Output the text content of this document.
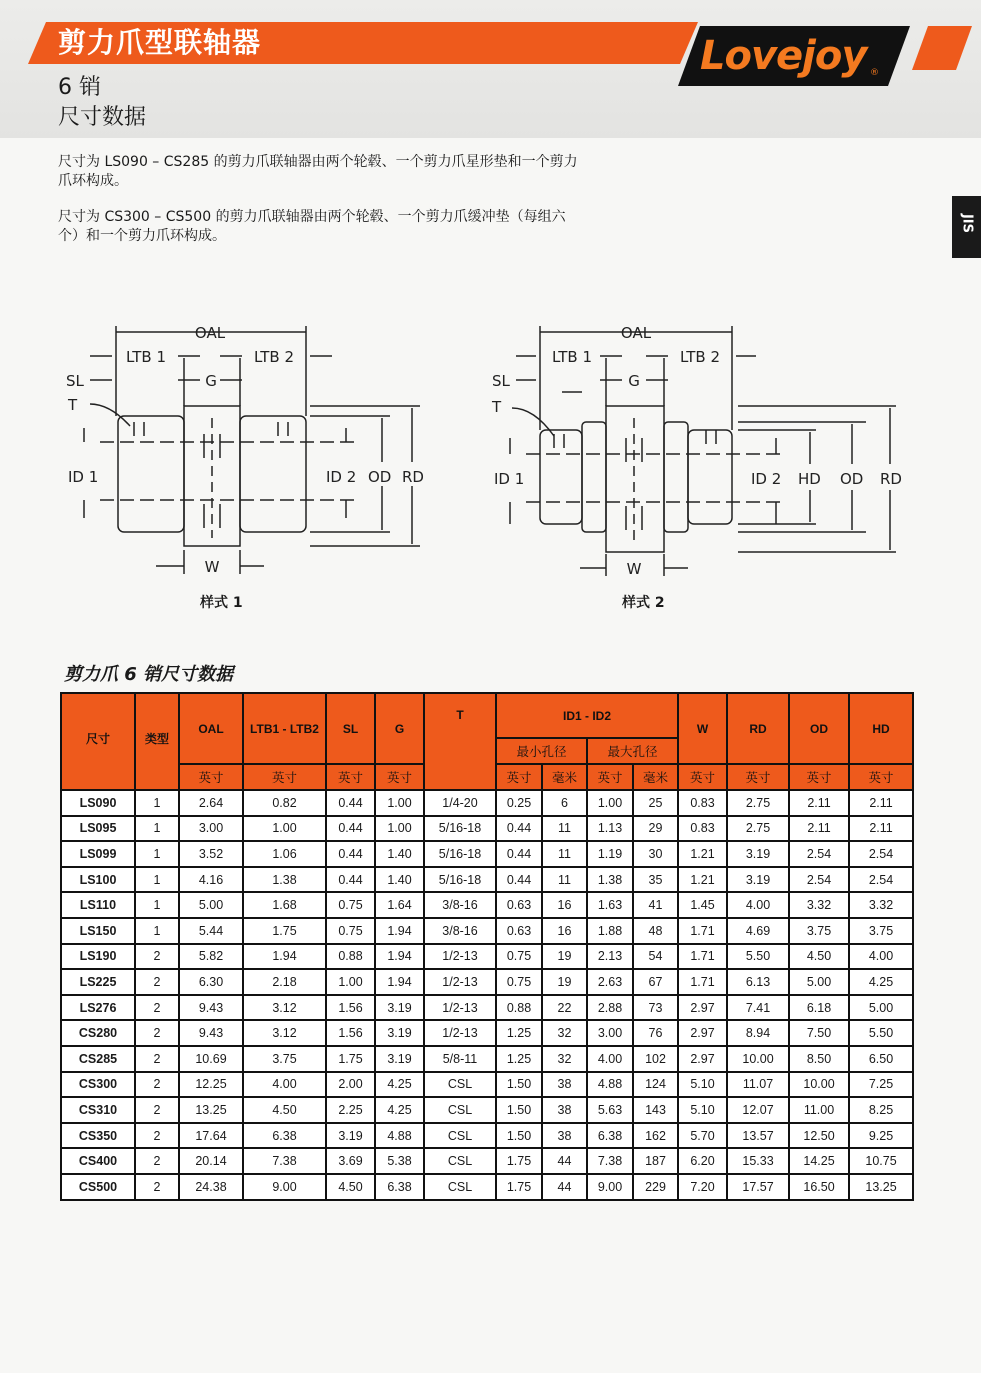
剪力爪型联轴器	Lovejoy ®
6 销
尺寸数据
尺寸为 LS090 – CS285 的剪力爪联轴器由两个轮毂、一个剪力爪星形垫和一个剪力爪环构成。
尺寸为 CS300 – CS500 的剪力爪联轴器由两个轮毂、一个剪力爪缓冲垫（每组六个）和一个剪力爪环构成。
JIS
OAL
LTB 1	LTB 2
SL	G
T
ID 1	ID 2 OD RD
W
样式 1
OAL
LTB 1	LTB 2
SL	G
T
ID 1	ID 2 HD OD RD
W
样式 2
剪力爪 6 销尺寸数据
尺寸	类型	OAL	LTB1 - LTB2	SL	G	T	ID1 - ID2				W	RD	OD	HD
							最小孔径		最大孔径					
		英寸	英寸	英寸	英寸		英寸	毫米	英寸	毫米	英寸	英寸	英寸	英寸
LS090	1	2.64	0.82	0.44	1.00	1/4-20	0.25	6	1.00	25	0.83	2.75	2.11	2.11
LS095	1	3.00	1.00	0.44	1.00	5/16-18	0.44	11	1.13	29	0.83	2.75	2.11	2.11
LS099	1	3.52	1.06	0.44	1.40	5/16-18	0.44	11	1.19	30	1.21	3.19	2.54	2.54
LS100	1	4.16	1.38	0.44	1.40	5/16-18	0.44	11	1.38	35	1.21	3.19	2.54	2.54
LS110	1	5.00	1.68	0.75	1.64	3/8-16	0.63	16	1.63	41	1.45	4.00	3.32	3.32
LS150	1	5.44	1.75	0.75	1.94	3/8-16	0.63	16	1.88	48	1.71	4.69	3.75	3.75
LS190	2	5.82	1.94	0.88	1.94	1/2-13	0.75	19	2.13	54	1.71	5.50	4.50	4.00
LS225	2	6.30	2.18	1.00	1.94	1/2-13	0.75	19	2.63	67	1.71	6.13	5.00	4.25
LS276	2	9.43	3.12	1.56	3.19	1/2-13	0.88	22	2.88	73	2.97	7.41	6.18	5.00
CS280	2	9.43	3.12	1.56	3.19	1/2-13	1.25	32	3.00	76	2.97	8.94	7.50	5.50
CS285	2	10.69	3.75	1.75	3.19	5/8-11	1.25	32	4.00	102	2.97	10.00	8.50	6.50
CS300	2	12.25	4.00	2.00	4.25	CSL	1.50	38	4.88	124	5.10	11.07	10.00	7.25
CS310	2	13.25	4.50	2.25	4.25	CSL	1.50	38	5.63	143	5.10	12.07	11.00	8.25
CS350	2	17.64	6.38	3.19	4.88	CSL	1.50	38	6.38	162	5.70	13.57	12.50	9.25
CS400	2	20.14	7.38	3.69	5.38	CSL	1.75	44	7.38	187	6.20	15.33	14.25	10.75
CS500	2	24.38	9.00	4.50	6.38	CSL	1.75	44	9.00	229	7.20	17.57	16.50	13.25
